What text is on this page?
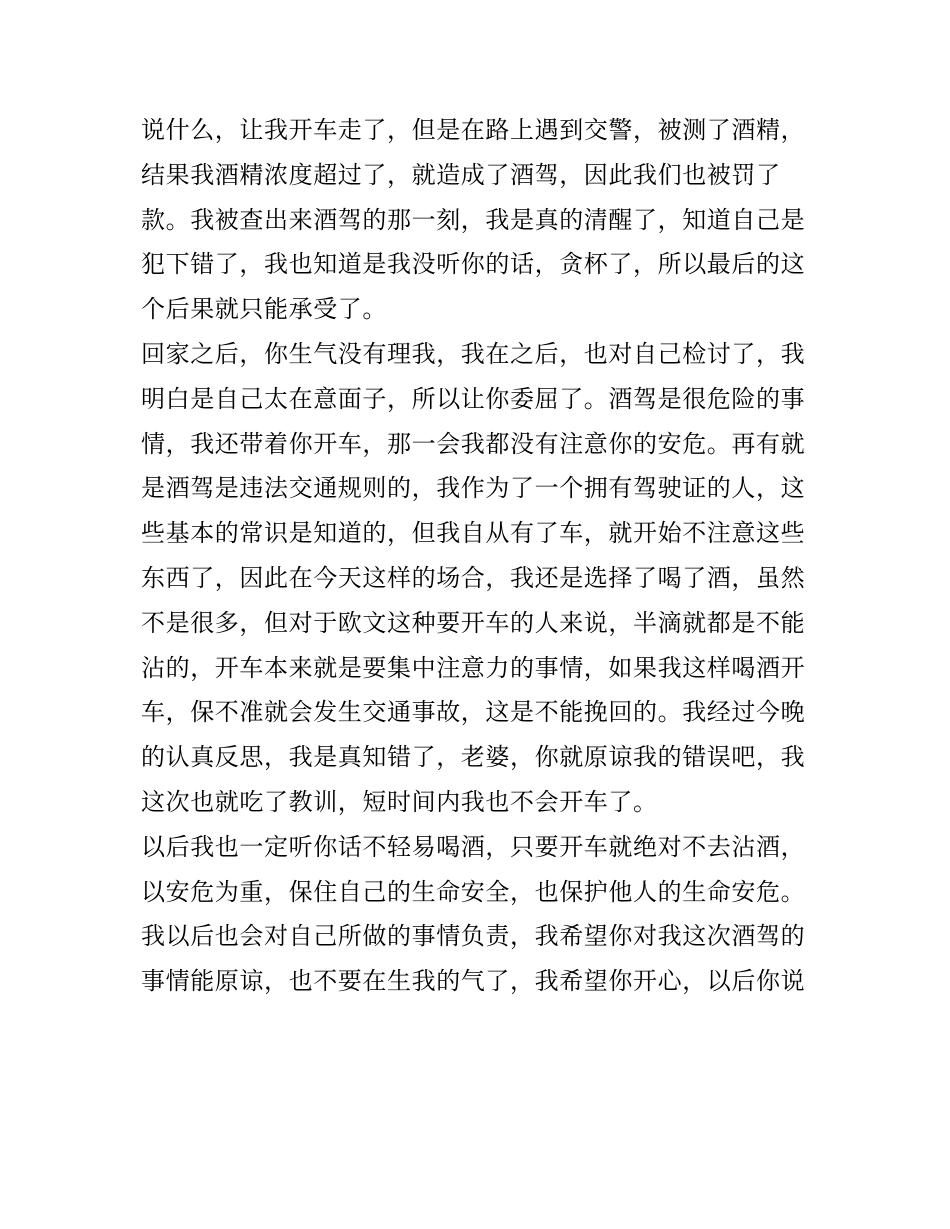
说什么，让我开车走了，但是在路上遇到交警，被测了酒精，

结果我酒精浓度超过了，就造成了酒驾，因此我们也被罚了

款。我被查出来酒驾的那一刻，我是真的清醒了，知道自己是

犯下错了，我也知道是我没听你的话，贪杯了，所以最后的这

个后果就只能承受了。

回家之后，你生气没有理我，我在之后，也对自己检讨了，我

明白是自己太在意面子，所以让你委屈了。酒驾是很危险的事

情，我还带着你开车，那一会我都没有注意你的安危。再有就

是酒驾是违法交通规则的，我作为了一个拥有驾驶证的人，这

些基本的常识是知道的，但我自从有了车，就开始不注意这些

东西了，因此在今天这样的场合，我还是选择了喝了酒，虽然

不是很多，但对于欧文这种要开车的人来说，半滴就都是不能

沾的，开车本来就是要集中注意力的事情，如果我这样喝酒开

车，保不准就会发生交通事故，这是不能挽回的。我经过今晚

的认真反思，我是真知错了，老婆，你就原谅我的错误吧，我

这次也就吃了教训，短时间内我也不会开车了。

以后我也一定听你话不轻易喝酒，只要开车就绝对不去沾酒，

以安危为重，保住自己的生命安全，也保护他人的生命安危。

我以后也会对自己所做的事情负责，我希望你对我这次酒驾的

事情能原谅，也不要在生我的气了，我希望你开心，以后你说
